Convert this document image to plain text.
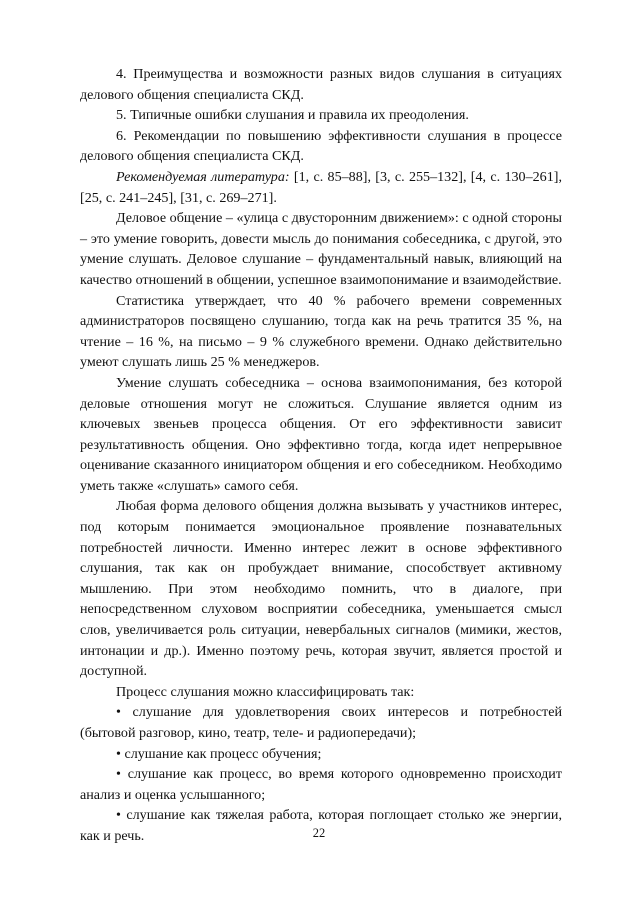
4. Преимущества и возможности разных видов слушания в ситуациях делового общения специалиста СКД.

5. Типичные ошибки слушания и правила их преодоления.

6. Рекомендации по повышению эффективности слушания в процессе делового общения специалиста СКД.

Рекомендуемая литература: [1, с. 85–88], [3, с. 255–132], [4, с. 130–261], [25, с. 241–245], [31, с. 269–271].

Деловое общение – «улица с двусторонним движением»: с одной стороны – это умение говорить, довести мысль до понимания собеседника, с другой, это умение слушать. Деловое слушание – фундаментальный навык, влияющий на качество отношений в общении, успешное взаимопонимание и взаимодействие.

Статистика утверждает, что 40 % рабочего времени современных администраторов посвящено слушанию, тогда как на речь тратится 35 %, на чтение – 16 %, на письмо – 9 % служебного времени. Однако действительно умеют слушать лишь 25 % менеджеров.

Умение слушать собеседника – основа взаимопонимания, без которой деловые отношения могут не сложиться. Слушание является одним из ключевых звеньев процесса общения. От его эффективности зависит результативность общения. Оно эффективно тогда, когда идет непрерывное оценивание сказанного инициатором общения и его собеседником. Необходимо уметь также «слушать» самого себя.

Любая форма делового общения должна вызывать у участников интерес, под которым понимается эмоциональное проявление познавательных потребностей личности. Именно интерес лежит в основе эффективного слушания, так как он пробуждает внимание, способствует активному мышлению. При этом необходимо помнить, что в диалоге, при непосредственном слуховом восприятии собеседника, уменьшается смысл слов, увеличивается роль ситуации, невербальных сигналов (мимики, жестов, интонации и др.). Именно поэтому речь, которая звучит, является простой и доступной.

Процесс слушания можно классифицировать так:

• слушание для удовлетворения своих интересов и потребностей (бытовой разговор, кино, театр, теле- и радиопередачи);

• слушание как процесс обучения;

• слушание как процесс, во время которого одновременно происходит анализ и оценка услышанного;

• слушание как тяжелая работа, которая поглощает столько же энергии, как и речь.	22
